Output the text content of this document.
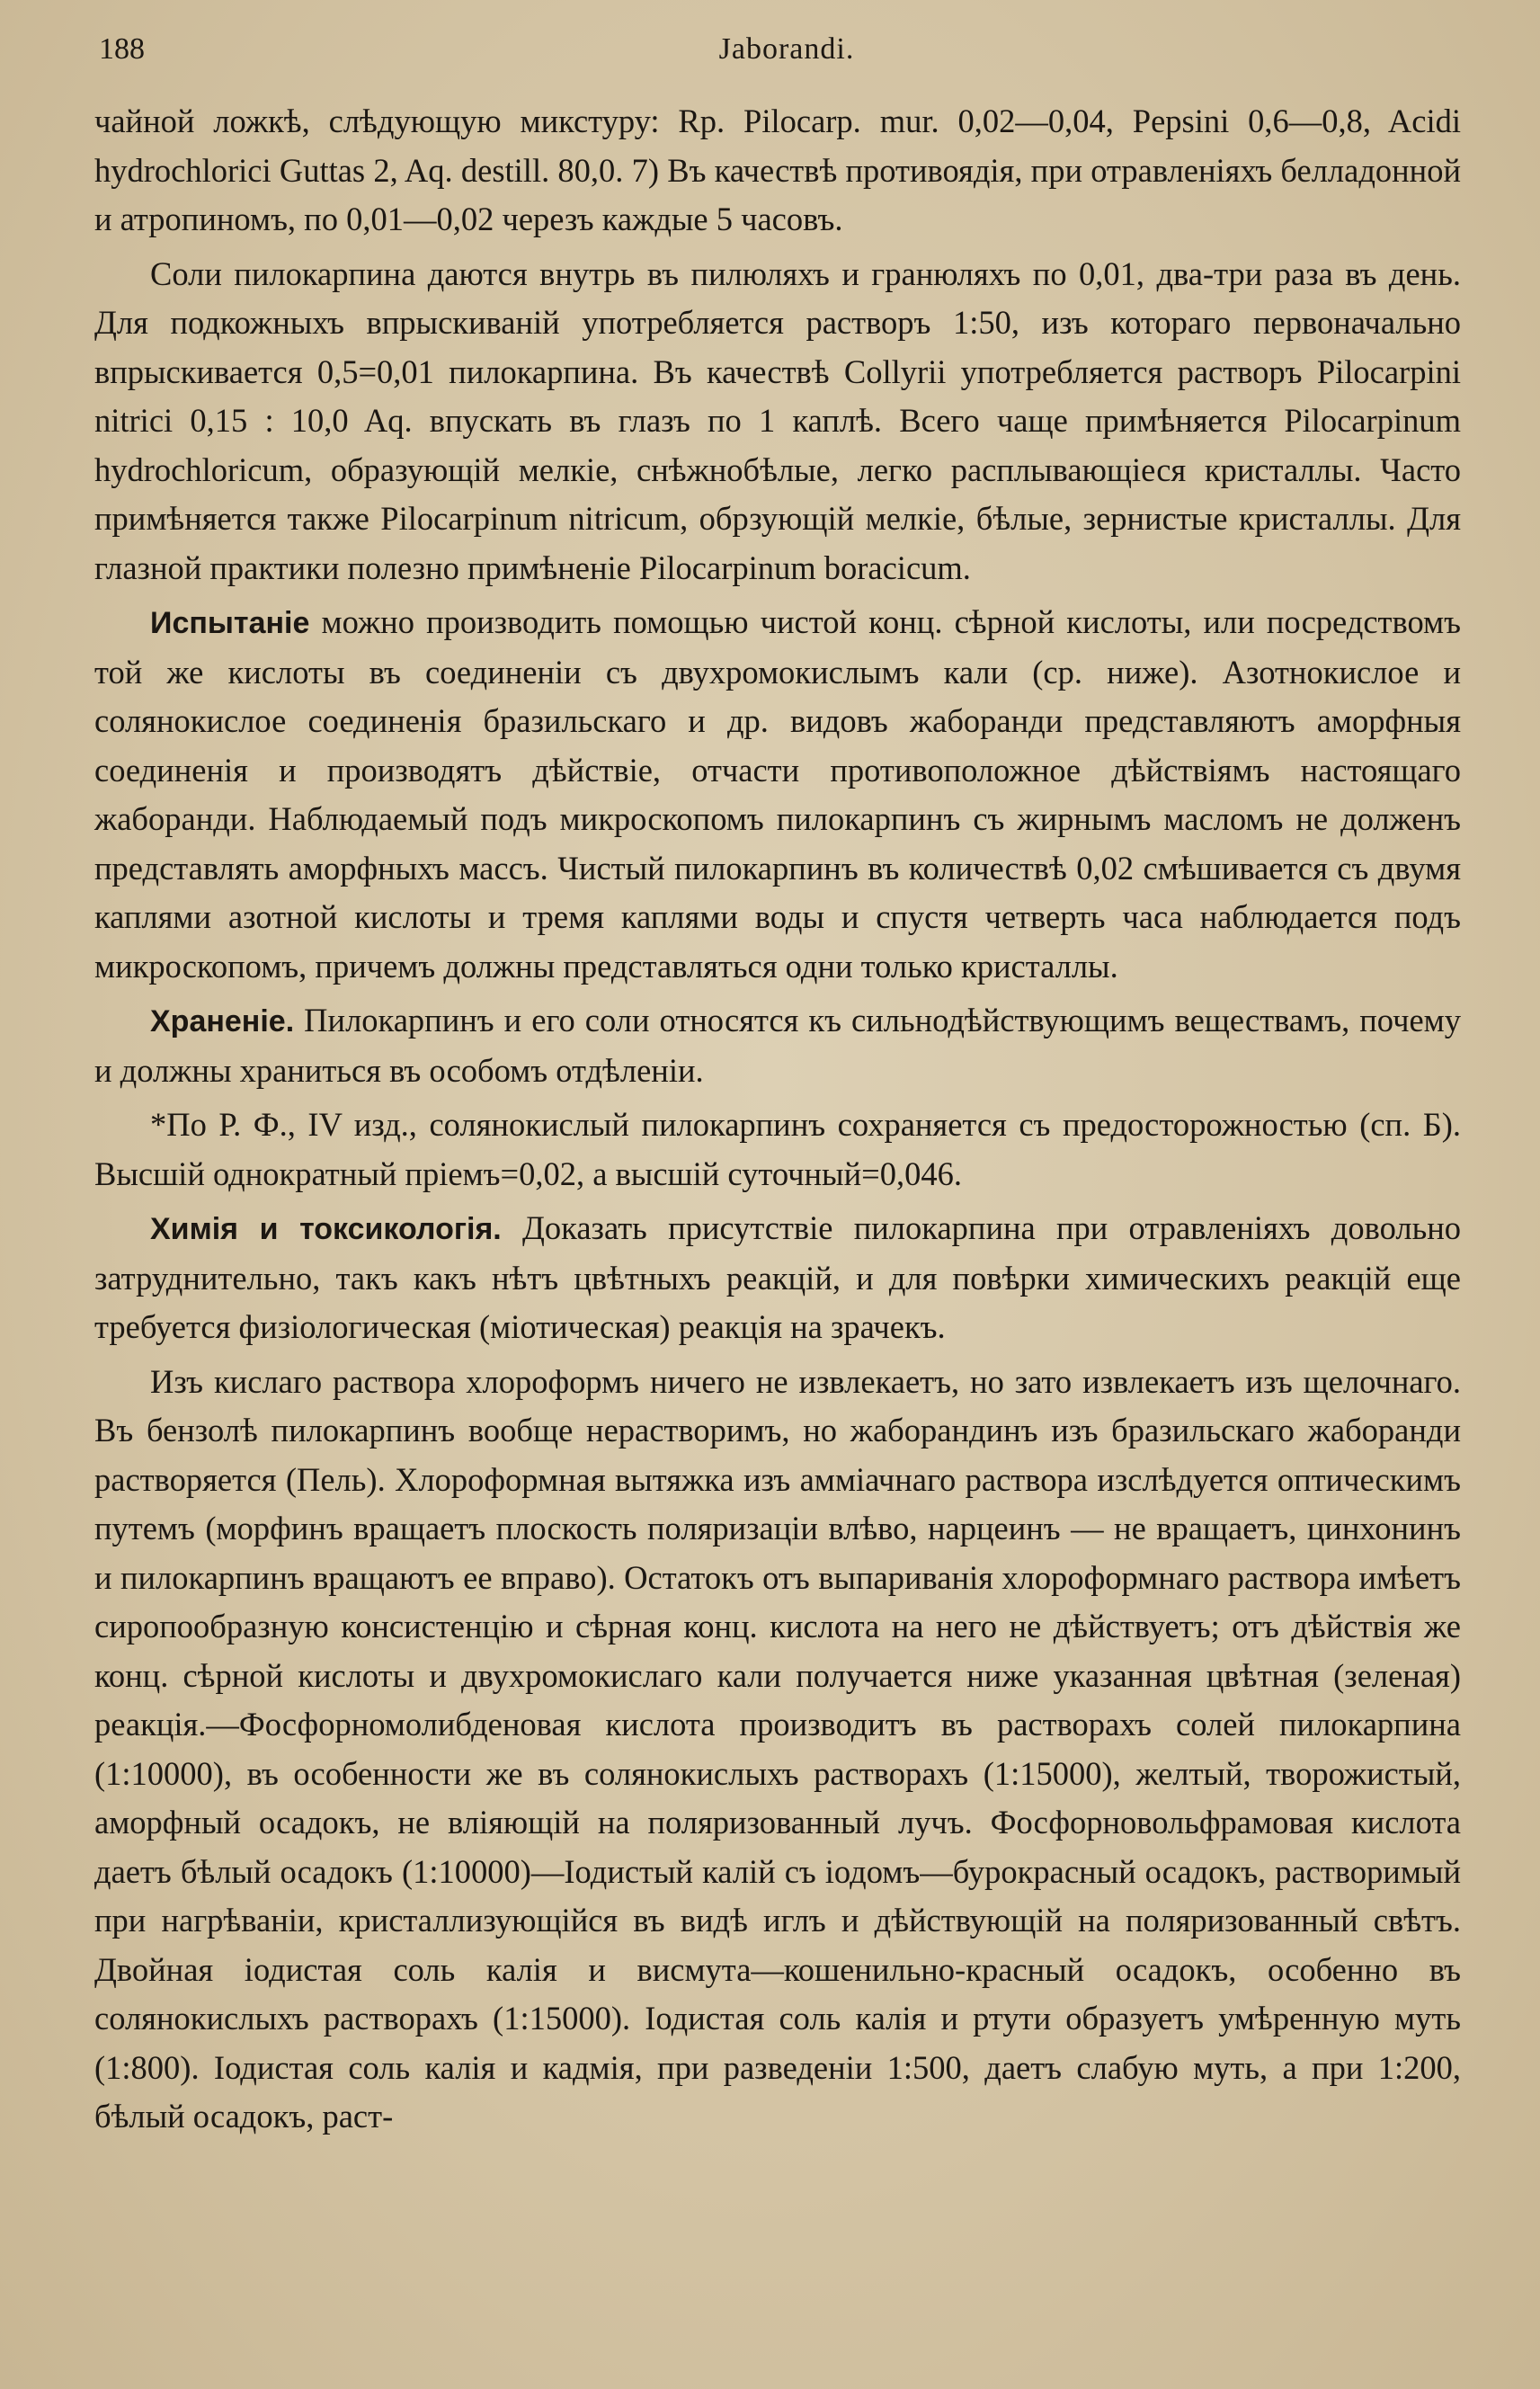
188	Jaborandi.

чайной ложкѣ, слѣдующую микстуру: Rp. Pilocarp. mur. 0,02—0,04, Pepsini 0,6—0,8, Acidi hydrochlorici Guttas 2, Aq. destill. 80,0. 7) Въ качествѣ противоядія, при отравленіяхъ белладонной и атропиномъ, по 0,01—0,02 черезъ каждые 5 часовъ.

Соли пилокарпина даются внутрь въ пилюляхъ и гранюляхъ по 0,01, два-три раза въ день. Для подкожныхъ впрыскиваній употребляется растворъ 1:50, изъ котораго первоначально впрыскивается 0,5=0,01 пилокарпина. Въ качествѣ Collyrii употребляется растворъ Pilocarpini nitrici 0,15 : 10,0 Aq. впускать въ глазъ по 1 каплѣ. Всего чаще примѣняется Pilocarpinum hydrochloricum, образующій мелкіе, снѣжнобѣлые, легко расплывающіеся кристаллы. Часто примѣняется также Pilocarpinum nitricum, обрзующій мелкіе, бѣлые, зернистые кристаллы. Для глазной практики полезно примѣненіе Pilocarpinum boracicum.

Испытаніе можно производить помощью чистой конц. сѣрной кислоты, или посредствомъ той же кислоты въ соединеніи съ двухромокислымъ кали (ср. ниже). Азотнокислое и солянокислое соединенія бразильскаго и др. видовъ жаборанди представляютъ аморфныя соединенія и производятъ дѣйствіе, отчасти противоположное дѣйствіямъ настоящаго жаборанди. Наблюдаемый подъ микроскопомъ пилокарпинъ съ жирнымъ масломъ не долженъ представлять аморфныхъ массъ. Чистый пилокарпинъ въ количествѣ 0,02 смѣшивается съ двумя каплями азотной кислоты и тремя каплями воды и спустя четверть часа наблюдается подъ микроскопомъ, причемъ должны представляться одни только кристаллы.

Храненіе. Пилокарпинъ и его соли относятся къ сильнодѣйствующимъ веществамъ, почему и должны храниться въ особомъ отдѣленіи.

*По Р. Ф., IV изд., солянокислый пилокарпинъ сохраняется съ предосторожностью (сп. Б). Высшій однократный пріемъ=0,02, а высшій суточный=0,046.

Химія и токсикологія. Доказать присутствіе пилокарпина при отравленіяхъ довольно затруднительно, такъ какъ нѣтъ цвѣтныхъ реакцій, и для повѣрки химическихъ реакцій еще требуется физіологическая (міотическая) реакція на зрачекъ.

Изъ кислаго раствора хлороформъ ничего не извлекаетъ, но зато извлекаетъ изъ щелочнаго. Въ бензолѣ пилокарпинъ вообще нерастворимъ, но жаборандинъ изъ бразильскаго жаборанди растворяется (Пель). Хлороформная вытяжка изъ амміачнаго раствора изслѣдуется оптическимъ путемъ (морфинъ вращаетъ плоскость поляризаціи влѣво, нарцеинъ — не вращаетъ, цинхонинъ и пилокарпинъ вращаютъ ее вправо). Остатокъ отъ выпариванія хлороформнаго раствора имѣетъ сиропообразную консистенцію и сѣрная конц. кислота на него не дѣйствуетъ; отъ дѣйствія же конц. сѣрной кислоты и двухромокислаго кали получается ниже указанная цвѣтная (зеленая) реакція.—Фосфорномолибденовая кислота производитъ въ растворахъ солей пилокарпина (1:10000), въ особенности же въ солянокислыхъ растворахъ (1:15000), желтый, творожистый, аморфный осадокъ, не вліяющій на поляризованный лучъ. Фосфорновольфрамовая кислота даетъ бѣлый осадокъ (1:10000)—Іодистый калій съ іодомъ—бурокрасный осадокъ, растворимый при нагрѣваніи, кристаллизующійся въ видѣ иглъ и дѣйствующій на поляризованный свѣтъ. Двойная іодистая соль калія и висмута—кошенильно-красный осадокъ, особенно въ солянокислыхъ растворахъ (1:15000). Іодистая соль калія и ртути образуетъ умѣренную муть (1:800). Іодистая соль калія и кадмія, при разведеніи 1:500, даетъ слабую муть, а при 1:200, бѣлый осадокъ, раст-
